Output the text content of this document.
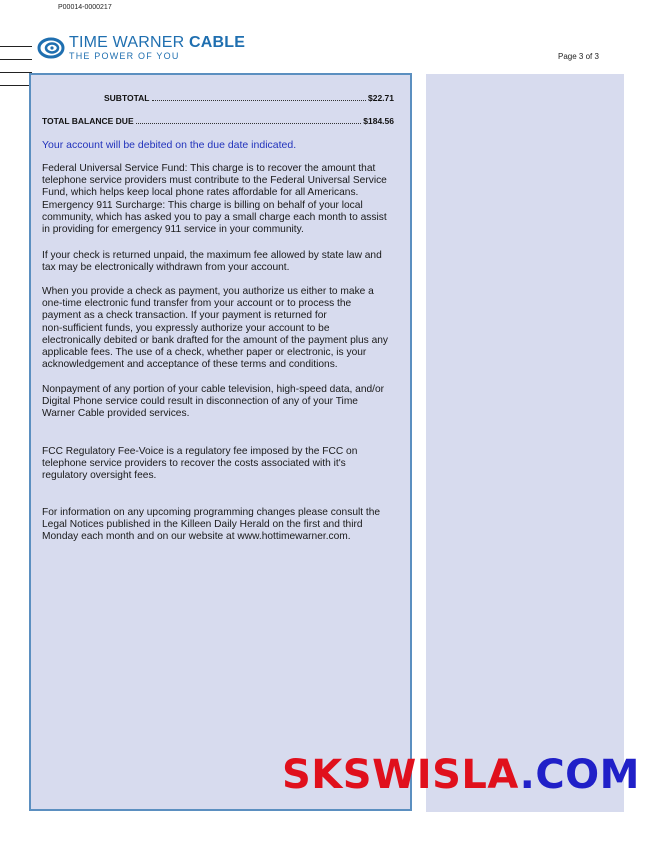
P00014-0000217
Page 3 of 3
TIME WARNER CABLE
THE POWER OF YOU
SUBTOTAL	$22.71
TOTAL BALANCE DUE	$184.56
Your account will be debited on the due date indicated.
Federal Universal Service Fund: This charge is to recover the amount that
telephone service providers must contribute to the Federal Universal Service
Fund, which helps keep local phone rates affordable for all Americans.
Emergency 911 Surcharge: This charge is billing on behalf of your local
community, which has asked you to pay a small charge each month to assist
in providing for emergency 911 service in your community.
If your check is returned unpaid, the maximum fee allowed by state law and
tax may be electronically withdrawn from your account.
When you provide a check as payment, you authorize us either to make a
one-time electronic fund transfer from your account or to process the
payment as a check transaction. If your payment is returned for
non-sufficient funds, you expressly authorize your account to be
electronically debited or bank drafted for the amount of the payment plus any
applicable fees. The use of a check, whether paper or electronic, is your
acknowledgement and acceptance of these terms and conditions.
Nonpayment of any portion of your cable television, high-speed data, and/or
Digital Phone service could result in disconnection of any of your Time
Warner Cable provided services.
FCC Regulatory Fee-Voice is a regulatory fee imposed by the FCC on
telephone service providers to recover the costs associated with it's
regulatory oversight fees.
For information on any upcoming programming changes please consult the
Legal Notices published in the Killeen Daily Herald on the first and third
Monday each month and on our website at www.hottimewarner.com.
SKSWISLA.COM
